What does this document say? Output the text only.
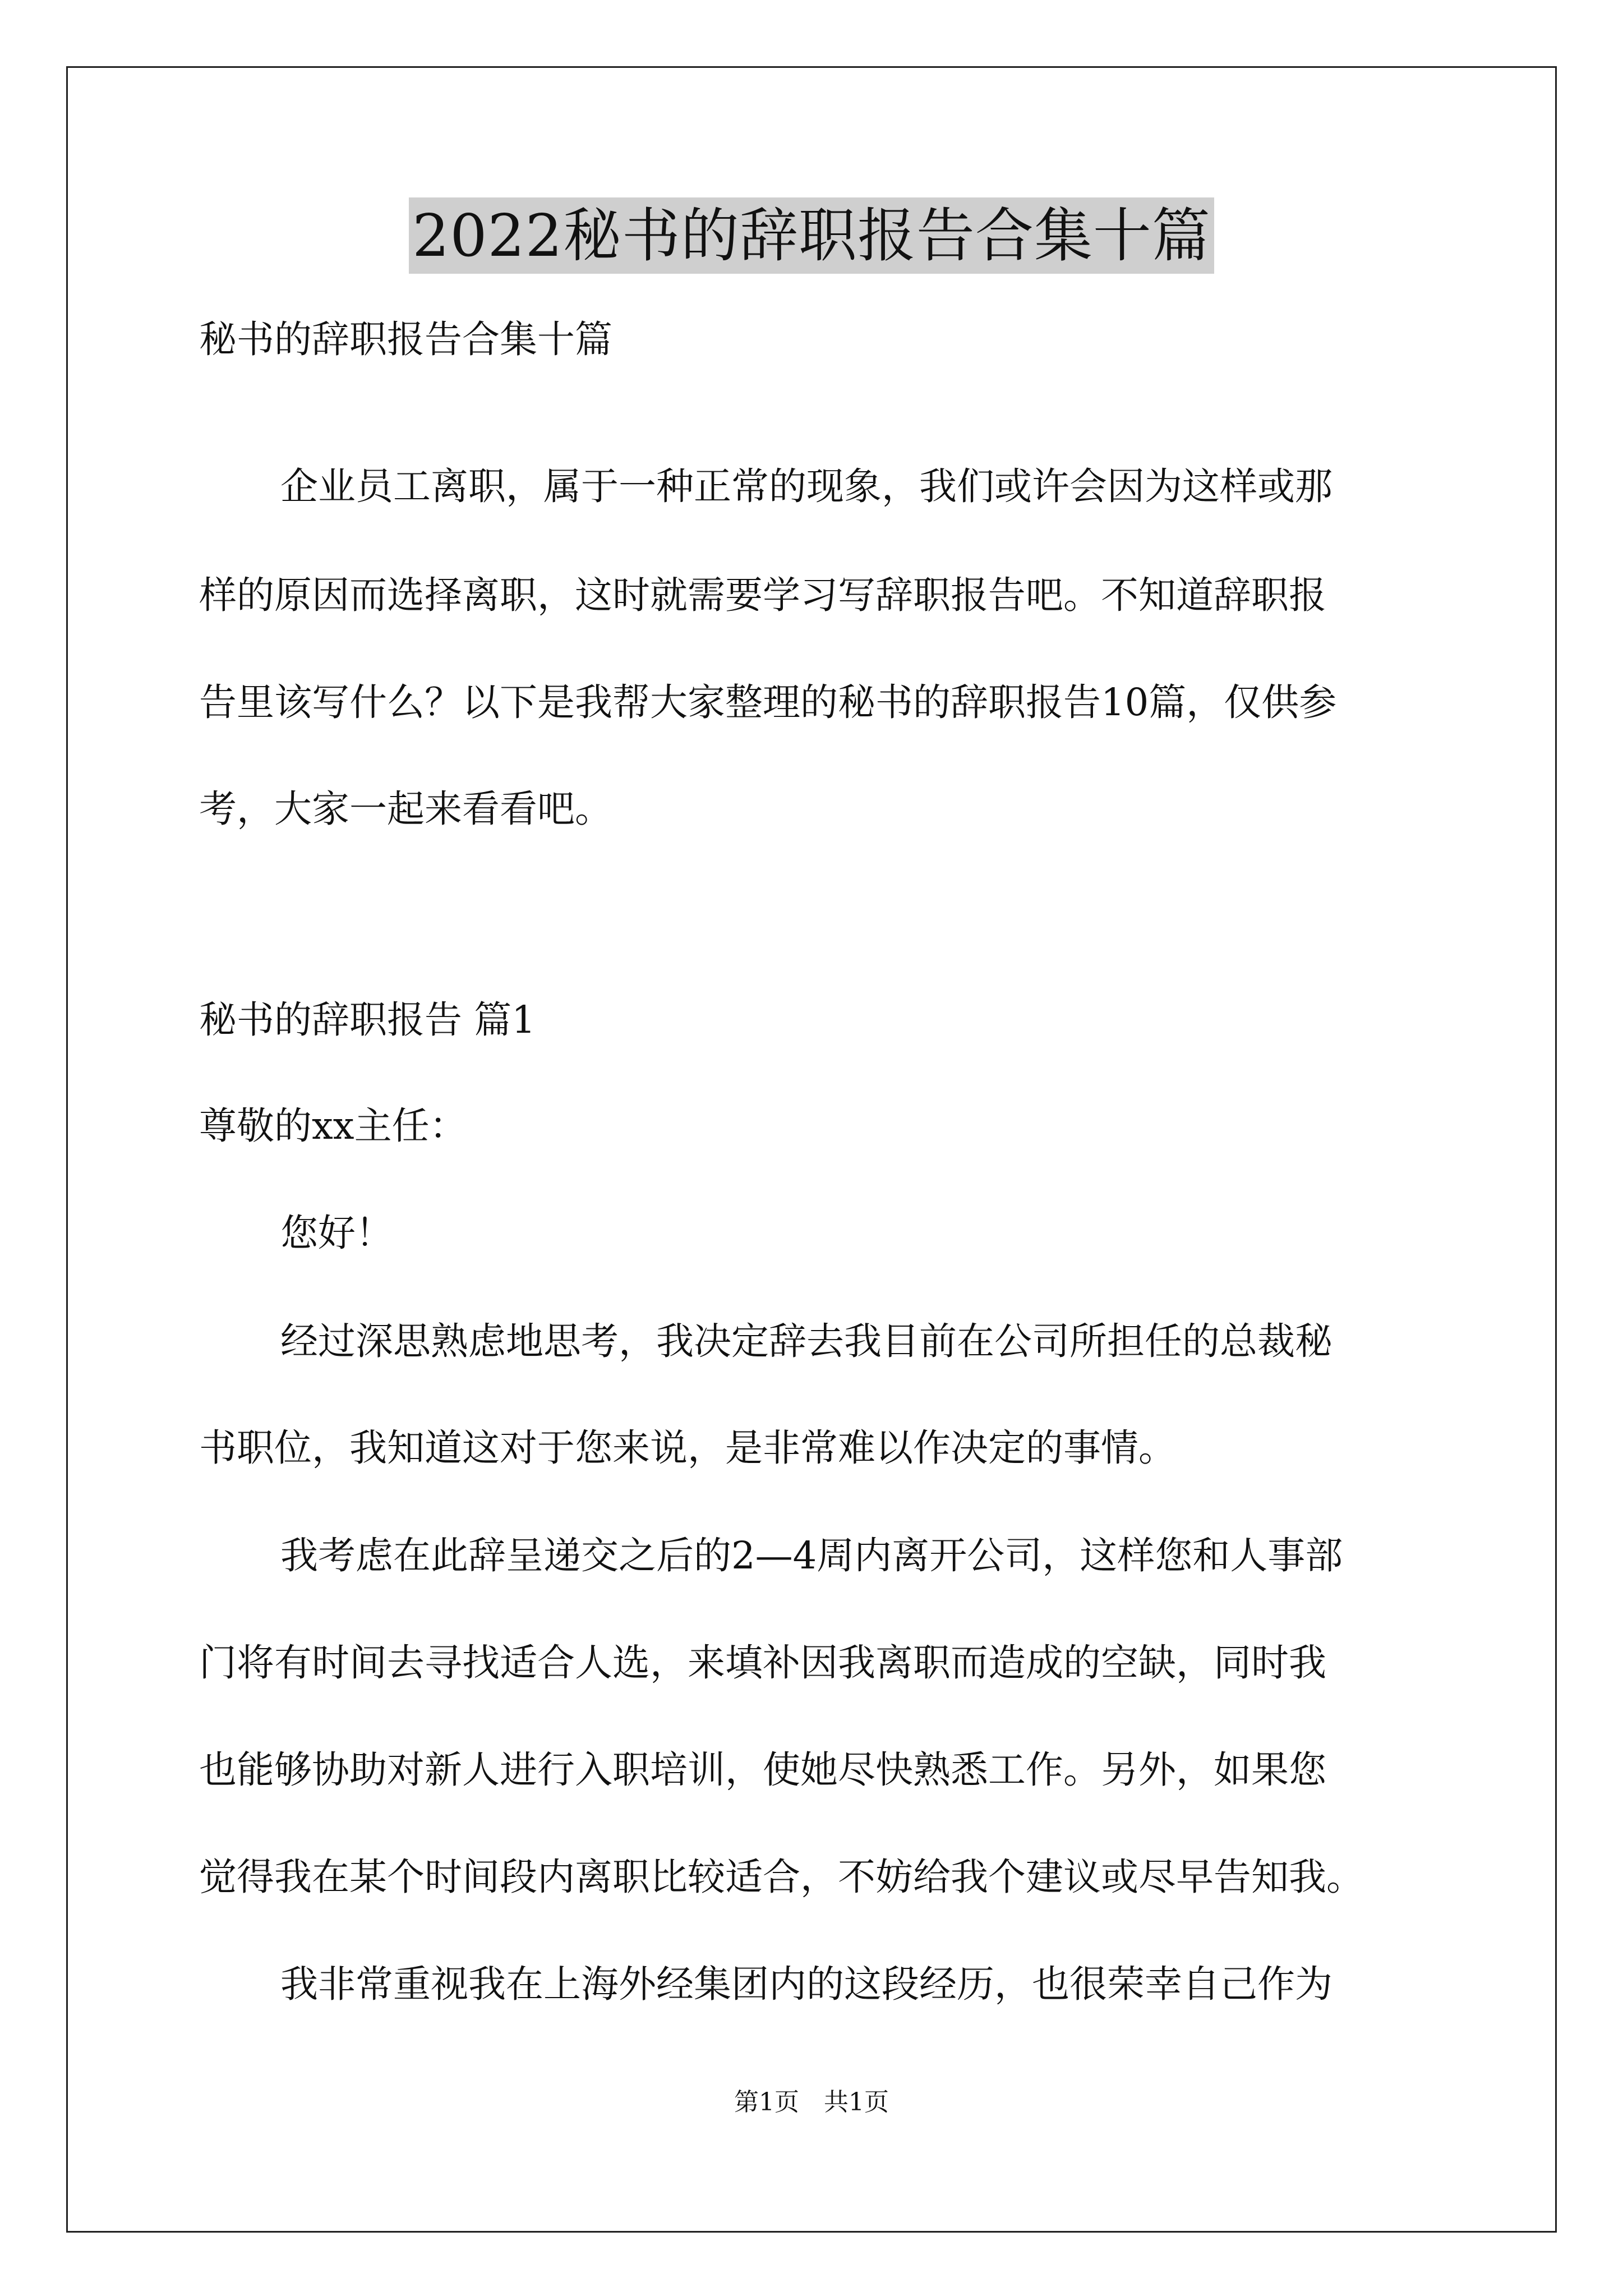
2022秘书的辞职报告合集十篇
秘书的辞职报告合集十篇
企业员工离职，属于一种正常的现象，我们或许会因为这样或那
样的原因而选择离职，这时就需要学习写辞职报告吧。不知道辞职报
告里该写什么？以下是我帮大家整理的秘书的辞职报告10篇，仅供参
考，大家一起来看看吧。
秘书的辞职报告 篇1
尊敬的xx主任：
您好！
经过深思熟虑地思考，我决定辞去我目前在公司所担任的总裁秘
书职位，我知道这对于您来说，是非常难以作决定的事情。
我考虑在此辞呈递交之后的2—4周内离开公司，这样您和人事部
门将有时间去寻找适合人选，来填补因我离职而造成的空缺，同时我
也能够协助对新人进行入职培训，使她尽快熟悉工作。另外，如果您
觉得我在某个时间段内离职比较适合，不妨给我个建议或尽早告知我。
我非常重视我在上海外经集团内的这段经历，也很荣幸自己作为
第1页　共1页
